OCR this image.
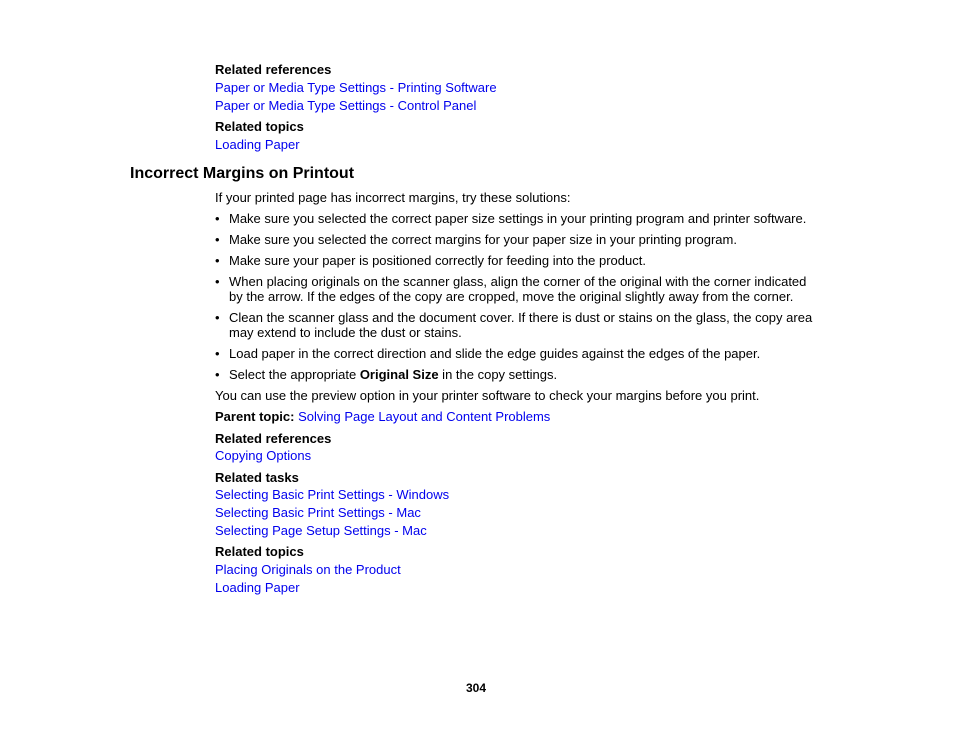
Related references
Paper or Media Type Settings - Printing Software
Paper or Media Type Settings - Control Panel
Related topics
Loading Paper
Incorrect Margins on Printout
If your printed page has incorrect margins, try these solutions:
• Make sure you selected the correct paper size settings in your printing program and printer software.
• Make sure you selected the correct margins for your paper size in your printing program.
• Make sure your paper is positioned correctly for feeding into the product.
• When placing originals on the scanner glass, align the corner of the original with the corner indicated
by the arrow. If the edges of the copy are cropped, move the original slightly away from the corner.
• Clean the scanner glass and the document cover. If there is dust or stains on the glass, the copy area
may extend to include the dust or stains.
• Load paper in the correct direction and slide the edge guides against the edges of the paper.
• Select the appropriate Original Size in the copy settings.
You can use the preview option in your printer software to check your margins before you print.
Parent topic: Solving Page Layout and Content Problems
Related references
Copying Options
Related tasks
Selecting Basic Print Settings - Windows
Selecting Basic Print Settings - Mac
Selecting Page Setup Settings - Mac
Related topics
Placing Originals on the Product
Loading Paper
304
